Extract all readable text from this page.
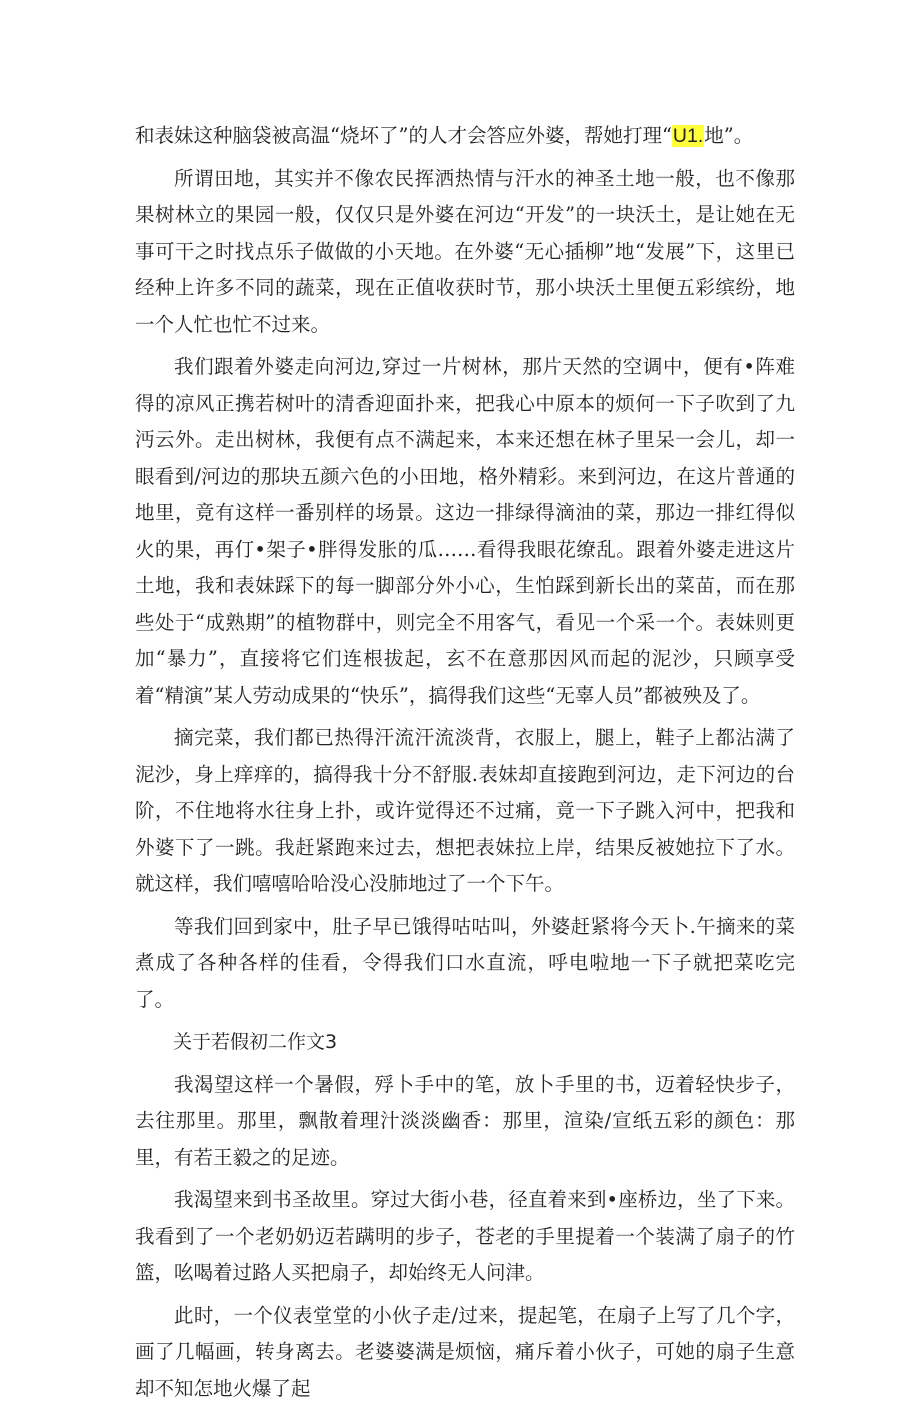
和表妹这种脑袋被高温“烧坏了”的人才会答应外婆，帮她打理“U1.地”。

所谓田地，其实并不像农民挥洒热情与汗水的神圣土地一般，也不像那果树林立的果园一般，仅仅只是外婆在河边“开发”的一块沃土，是让她在无事可干之时找点乐子做做的小天地。在外婆“无心插柳”地“发展”下，这里已经种上许多不同的蔬菜，现在正值收获时节，那小块沃土里便五彩缤纷，地一个人忙也忙不过来。

我们跟着外婆走向河边,穿过一片树林，那片天然的空调中，便有•阵难得的凉风正携若树叶的清香迎面扑来，把我心中原本的烦何一下子吹到了九沔云外。走出树林，我便有点不满起来，本来还想在林子里呆一会儿，却一眼看到/河边的那块五颜六色的小田地，格外精彩。来到河边，在这片普通的地里，竟有这样一番别样的场景。这边一排绿得滴油的菜，那边一排红得似火的果，再仃•架子•胖得发胀的瓜……看得我眼花缭乱。跟着外婆走进这片土地，我和表妹踩下的每一脚部分外小心，生怕踩到新长出的菜苗，而在那些处于“成熟期”的植物群中，则完全不用客气，看见一个采一个。表妹则更加“暴力”，直接将它们连根拔起，玄不在意那因风而起的泥沙，只顾享受着“精演”某人劳动成果的“快乐”，搞得我们这些“无辜人员”都被殃及了。

摘完菜，我们都已热得汗流汗流淡背，衣服上，腿上，鞋子上都沾满了泥沙，身上痒痒的，搞得我十分不舒服.表妹却直接跑到河边，走下河边的台阶，不住地将水往身上扑，或许觉得还不过痛，竟一下子跳入河中，把我和外婆下了一跳。我赶紧跑来过去，想把表妹拉上岸，结果反被她拉下了水。就这样，我们嘻嘻哈哈没心没肺地过了一个下午。

等我们回到家中，肚子早已饿得咕咕叫，外婆赶紧将今天卜.午摘来的菜煮成了各种各样的佳看，令得我们口水直流，呼电啦地一下子就把菜吃完了。

关于若假初二作文3

我渴望这样一个暑假，殍卜手中的笔，放卜手里的书，迈着轻快步子，去往那里。那里，飘散着理汁淡淡幽香：那里，渲染/宣纸五彩的颜色：那里，有若王毅之的足迹。

我渴望来到书圣故里。穿过大街小巷，径直着来到•座桥边，坐了下来。我看到了一个老奶奶迈若蹒明的步子，苍老的手里提着一个装满了扇子的竹篮，吆喝着过路人买把扇子，却始终无人问津。

此时，一个仪表堂堂的小伙子走/过来，提起笔，在扇子上写了几个字，画了几幅画，转身离去。老婆婆满是烦恼，痛斥着小伙子，可她的扇子生意却不知怎地火爆了起
